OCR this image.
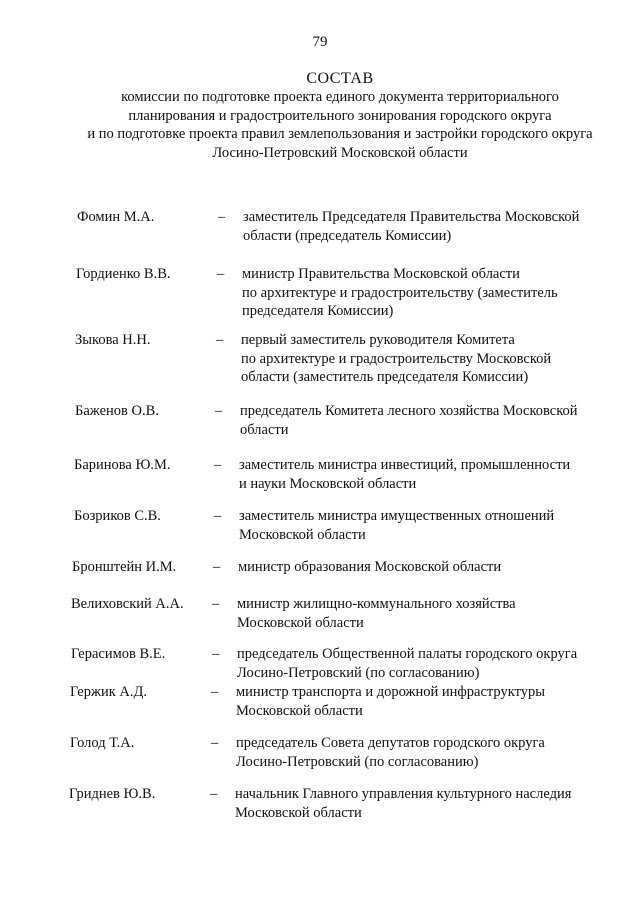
79
СОСТАВ
комиссии по подготовке проекта единого документа территориального
планирования и градостроительного зонирования городского округа
и по подготовке проекта правил землепользования и застройки городского округа
Лосино-Петровский Московской области
Фомин М.А.	– заместитель Председателя Правительства Московской
области (председатель Комиссии)
Гордиенко В.В.	– министр Правительства Московской области
по архитектуре и градостроительству (заместитель
председателя Комиссии)
Зыкова Н.Н.	– первый заместитель руководителя Комитета
по архитектуре и градостроительству Московской
области (заместитель председателя Комиссии)
Баженов О.В.	– председатель Комитета лесного хозяйства Московской
области
Баринова Ю.М.	– заместитель министра инвестиций, промышленности
и науки Московской области
Бозриков С.В.	– заместитель министра имущественных отношений
Московской области
Бронштейн И.М.	– министр образования Московской области
Велиховский А.А. – министр жилищно-коммунального хозяйства
Московской области
Герасимов В.Е.	– председатель Общественной палаты городского округа
Лосино-Петровский (по согласованию)
Гержик А.Д.	– министр транспорта и дорожной инфраструктуры
Московской области
Голод Т.А.	– председатель Совета депутатов городского округа
Лосино-Петровский (по согласованию)
Гриднев Ю.В.	– начальник Главного управления культурного наследия
Московской области
